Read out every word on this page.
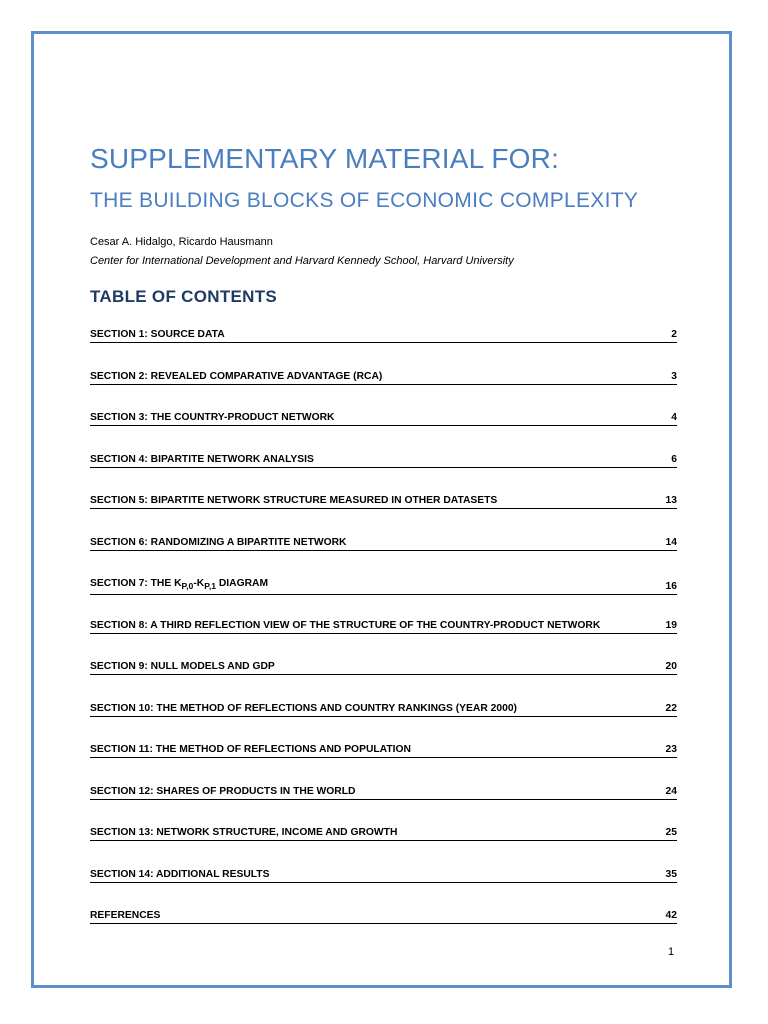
SUPPLEMENTARY MATERIAL FOR:
THE BUILDING BLOCKS OF ECONOMIC COMPLEXITY
Cesar A. Hidalgo, Ricardo Hausmann
Center for International Development and Harvard Kennedy School, Harvard University
TABLE OF CONTENTS
SECTION 1: SOURCE DATA	2
SECTION 2: REVEALED COMPARATIVE ADVANTAGE (RCA)	3
SECTION 3: THE COUNTRY-PRODUCT NETWORK	4
SECTION 4: BIPARTITE NETWORK ANALYSIS	6
SECTION 5: BIPARTITE NETWORK STRUCTURE MEASURED IN OTHER DATASETS	13
SECTION 6: RANDOMIZING A BIPARTITE NETWORK	14
SECTION 7: THE $K_{P,0}-K_{P,1}$ DIAGRAM	16
SECTION 8: A THIRD REFLECTION VIEW OF THE STRUCTURE OF THE COUNTRY-PRODUCT NETWORK	19
SECTION 9: NULL MODELS AND GDP	20
SECTION 10: THE METHOD OF REFLECTIONS AND COUNTRY RANKINGS (YEAR 2000)	22
SECTION 11: THE METHOD OF REFLECTIONS AND POPULATION	23
SECTION 12: SHARES OF PRODUCTS IN THE WORLD	24
SECTION 13: NETWORK STRUCTURE, INCOME AND GROWTH	25
SECTION 14: ADDITIONAL RESULTS	35
REFERENCES	42
1
